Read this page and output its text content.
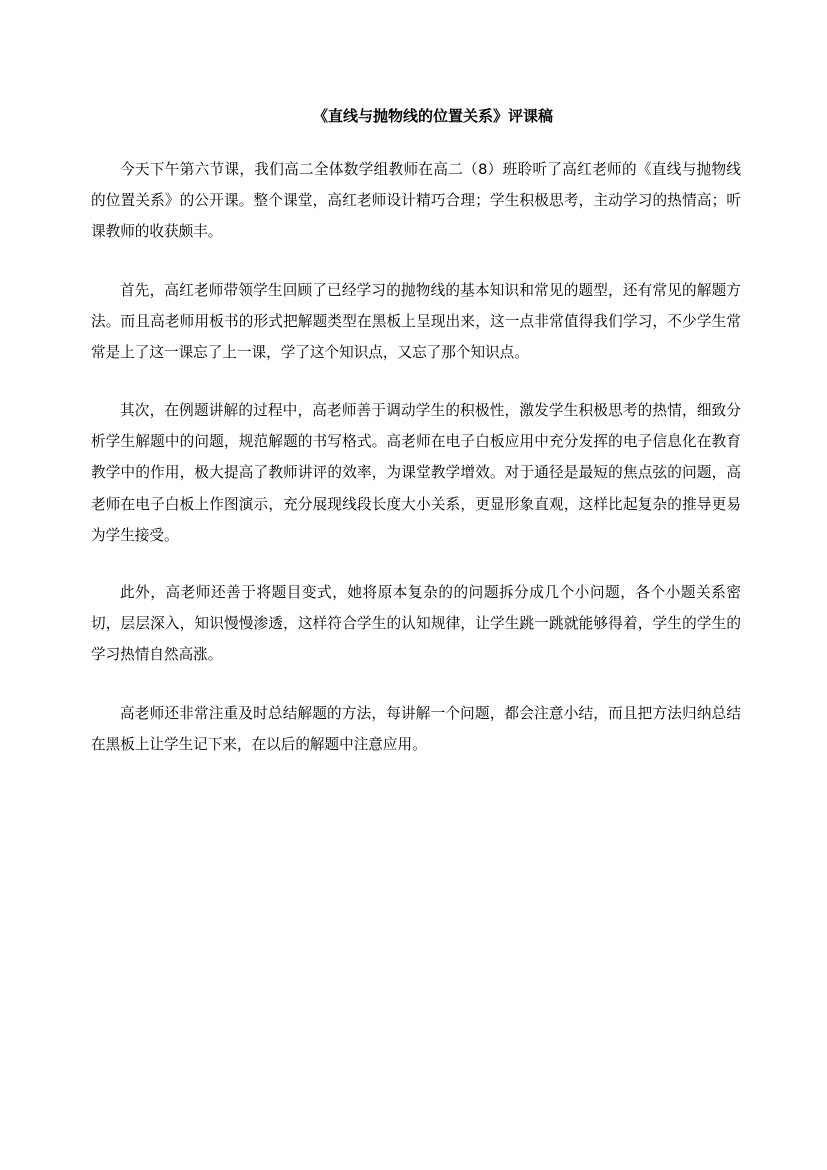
《直线与抛物线的位置关系》评课稿

今天下午第六节课，我们高二全体数学组教师在高二（8）班聆听了高红老师的《直线与抛物线的位置关系》的公开课。整个课堂，高红老师设计精巧合理；学生积极思考，主动学习的热情高；听课教师的收获颇丰。

首先，高红老师带领学生回顾了已经学习的抛物线的基本知识和常见的题型，还有常见的解题方法。而且高老师用板书的形式把解题类型在黑板上呈现出来，这一点非常值得我们学习，不少学生常常是上了这一课忘了上一课，学了这个知识点，又忘了那个知识点。

其次，在例题讲解的过程中，高老师善于调动学生的积极性，激发学生积极思考的热情，细致分析学生解题中的问题，规范解题的书写格式。高老师在电子白板应用中充分发挥的电子信息化在教育教学中的作用，极大提高了教师讲评的效率，为课堂教学增效。对于通径是最短的焦点弦的问题，高老师在电子白板上作图演示，充分展现线段长度大小关系，更显形象直观，这样比起复杂的推导更易为学生接受。

此外，高老师还善于将题目变式，她将原本复杂的的问题拆分成几个小问题，各个小题关系密切，层层深入，知识慢慢渗透，这样符合学生的认知规律，让学生跳一跳就能够得着，学生的学生的学习热情自然高涨。

高老师还非常注重及时总结解题的方法，每讲解一个问题，都会注意小结，而且把方法归纳总结在黑板上让学生记下来，在以后的解题中注意应用。
